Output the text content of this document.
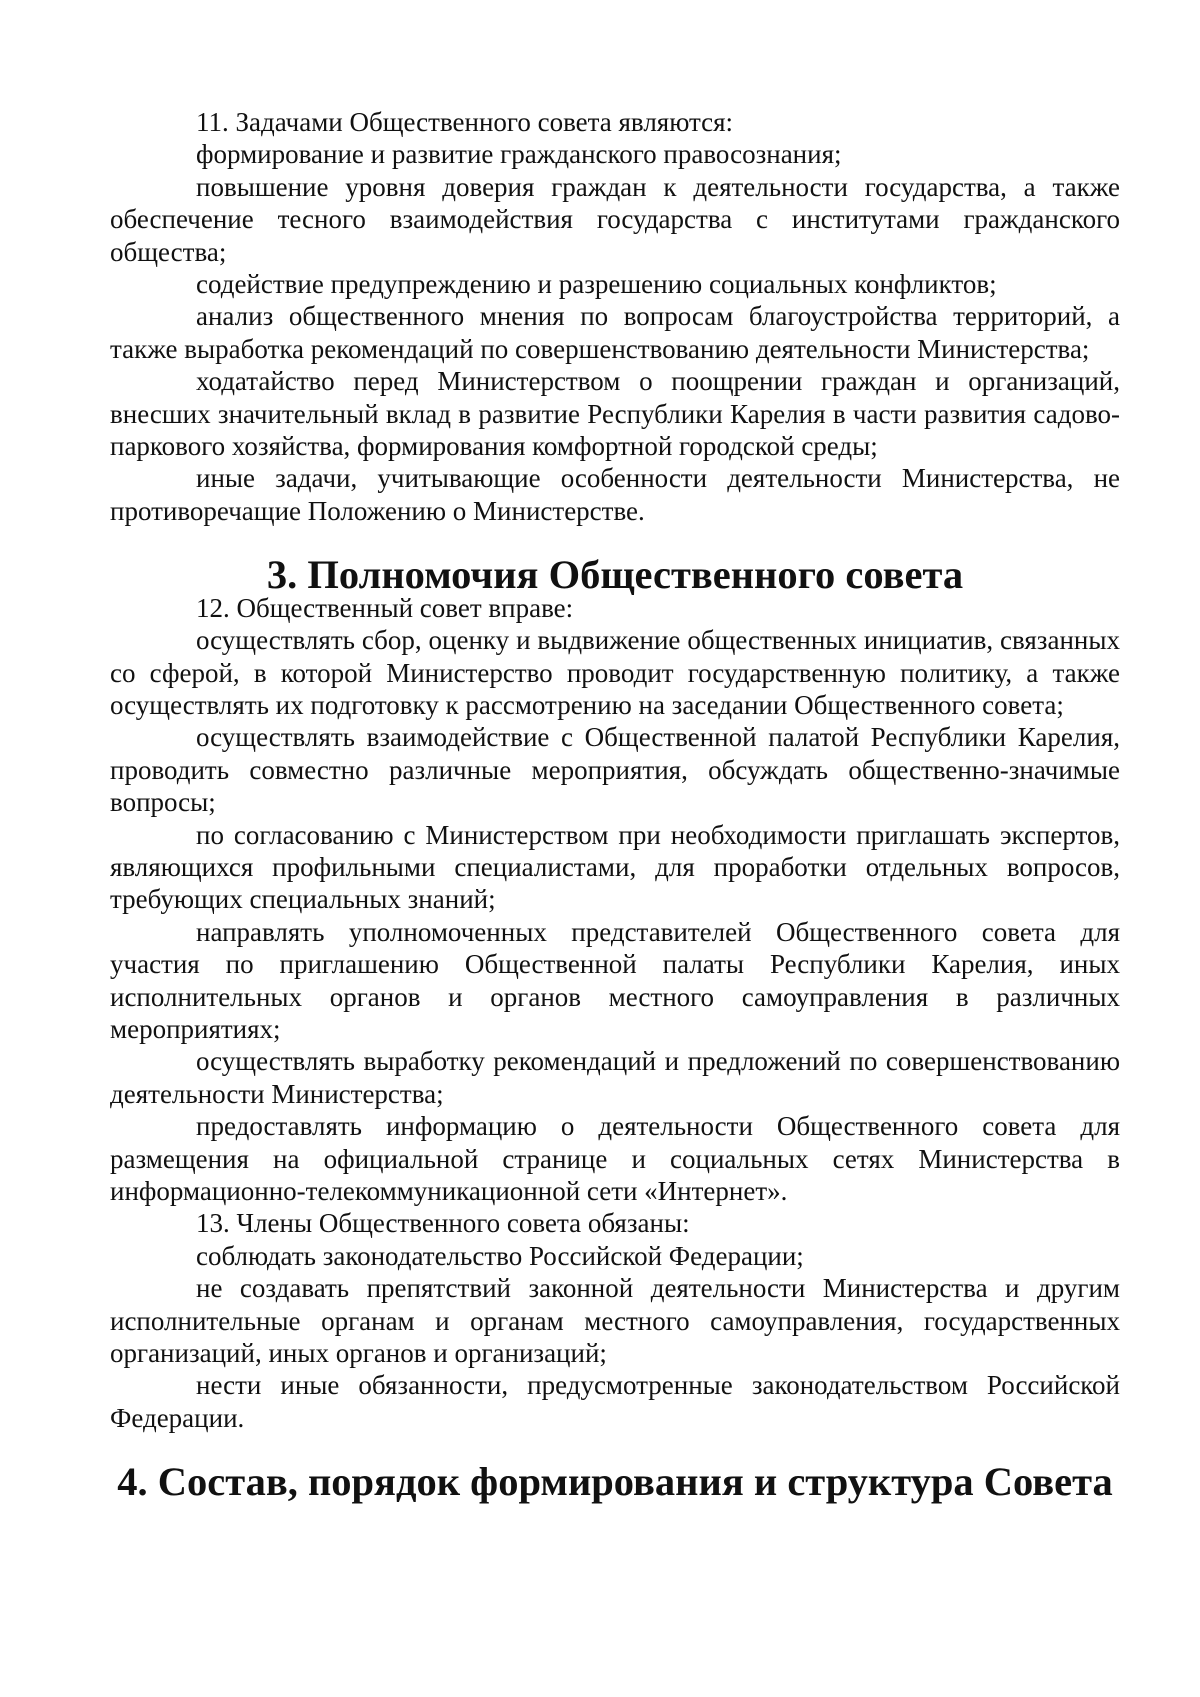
11. Задачами Общественного совета являются:

формирование и развитие гражданского правосознания;

повышение уровня доверия граждан к деятельности государства, а также обеспечение тесного взаимодействия государства с институтами гражданского общества;

содействие предупреждению и разрешению социальных конфликтов;

анализ общественного мнения по вопросам благоустройства территорий, а также выработка рекомендаций по совершенствованию деятельности Министерства;

ходатайство перед Министерством о поощрении граждан и организаций, внесших значительный вклад в развитие Республики Карелия в части развития садово-паркового хозяйства, формирования комфортной городской среды;

иные задачи, учитывающие особенности деятельности Министерства, не противоречащие Положению о Министерстве.

3. Полномочия Общественного совета

12. Общественный совет вправе:

осуществлять сбор, оценку и выдвижение общественных инициатив, связанных со сферой, в которой Министерство проводит государственную политику, а также осуществлять их подготовку к рассмотрению на заседании Общественного совета;

осуществлять взаимодействие с Общественной палатой Республики Карелия, проводить совместно различные мероприятия, обсуждать общественно-значимые вопросы;

по согласованию с Министерством при необходимости приглашать экспертов, являющихся профильными специалистами, для проработки отдельных вопросов, требующих специальных знаний;

направлять уполномоченных представителей Общественного совета для участия по приглашению Общественной палаты Республики Карелия, иных исполнительных органов и органов местного самоуправления в различных мероприятиях;

осуществлять выработку рекомендаций и предложений по совершенствованию деятельности Министерства;

предоставлять информацию о деятельности Общественного совета для размещения на официальной странице и социальных сетях Министерства в информационно-телекоммуникационной сети «Интернет».

13. Члены Общественного совета обязаны:

соблюдать законодательство Российской Федерации;

не создавать препятствий законной деятельности Министерства и другим исполнительные органам и органам местного самоуправления, государственных организаций, иных органов и организаций;

нести иные обязанности, предусмотренные законодательством Российской Федерации.

4. Состав, порядок формирования и структура Совета
